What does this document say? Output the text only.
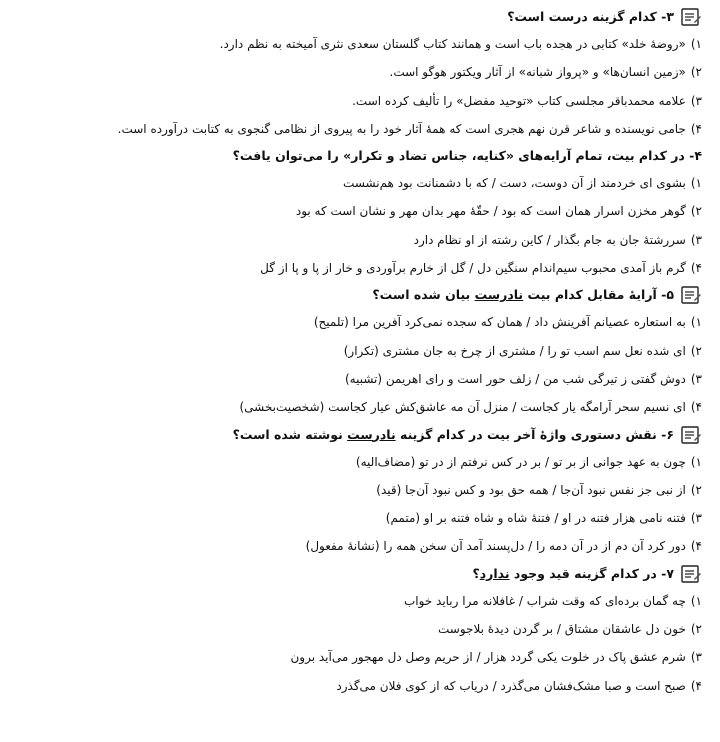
۳- کدام گزینه درست است؟
۱)«روضهٔ خلد» کتابی در هجده باب است و همانند کتاب گلستان سعدی نثری آمیخته به نظم دارد.
۲)«زمین انسان‌ها» و «پرواز شبانه» از آثار ویکتور هوگو است.
۳)علامه محمدباقر مجلسی کتاب «توحید مفضل» را تألیف کرده است.
۴)جامی نویسنده و شاعر قرن نهم هجری است که همهٔ آثار خود را به پیروی از نظامی گنجوی به کتابت درآورده است.
۴- در کدام بیت، تمام آرایه‌های «کنایه، جناس تضاد و تکرار» را می‌توان یافت؟
۱)بشوی ای خردمند از آن دوست، دست / که با دشمنانت بود هم‌نشست
۲)گوهر مخزن اسرار همان است که بود / حقّهٔ مهر بدان مهر و نشان است که بود
۳)سررشتهٔ جان به جام بگذار / کاین رشته از او نظام دارد
۴)گرم باز آمدی محبوب سیم‌اندام سنگین دل / گل از خارم برآوردی و خار از پا و پا از گل
۵- آرایهٔ مقابل کدام بیت نادرست بیان شده است؟
۱)به استعاره عصیانم آفرینش داد / همان که سجده نمی‌کرد آفرین مرا (تلمیح)
۲)ای شده نعل سم اسب تو را / مشتری از چرخ به جان مشتری (تکرار)
۳)دوش گفتی ز تیرگی شب من / زلف حور است و رای اهریمن (تشبیه)
۴)ای نسیم سحر آرامگه یار کجاست / منزل آن مه عاشق‌کش عیار کجاست (شخصیت‌بخشی)
۶- نقش دستوری واژهٔ آخر بیت در کدام گزینه نادرست نوشته شده است؟
۱)چون به عهد جوانی از بر تو / بر در کس نرفتم از در تو (مضاف‌الیه)
۲)از نبی جز نفس نبود آن‌جا / همه حق بود و کس نبود آن‌جا (قید)
۳)فتنه نامی هزار فتنه در او / فتنهٔ شاه و شاه فتنه بر او (متمم)
۴)دور کرد آن دم از در آن دمه را / دل‌پسند آمد آن سخن همه را (نشانهٔ مفعول)
۷- در کدام گزینه قید وجود ندارد؟
۱)چه گمان برده‌ای که وقت شراب / غافلانه مرا رباید خواب
۲)خون دل عاشقان مشتاق / بر گردن دیدهٔ بلاجوست
۳)شرم عشق پاک در خلوت یکی گردد هزار / از حریم وصل دل مهجور می‌آید برون
۴)صبح است و صبا مشک‌فشان می‌گذرد / دریاب که از کوی فلان می‌گذرد
